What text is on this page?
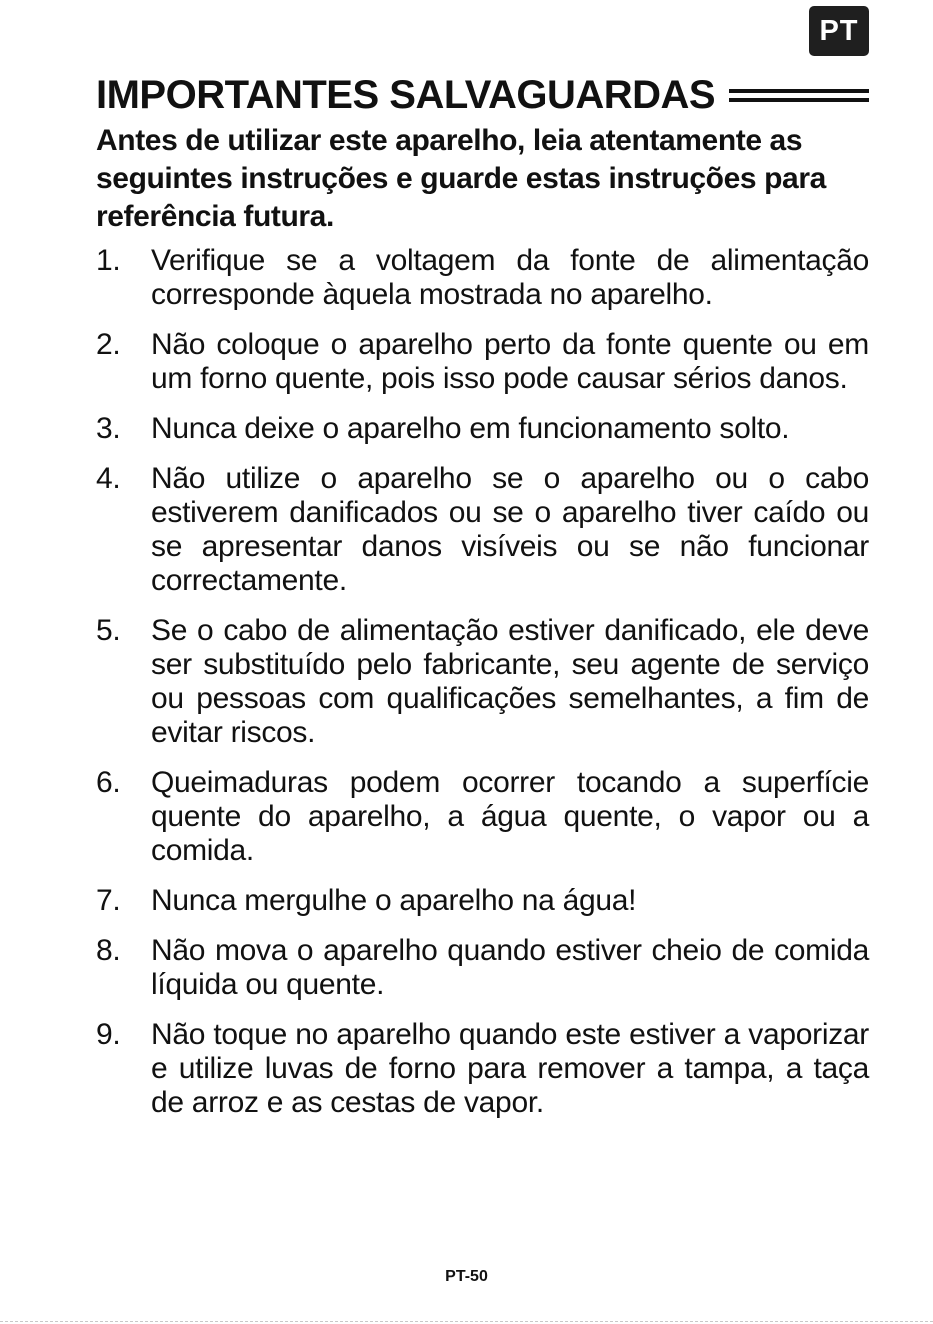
PT
IMPORTANTES SALVAGUARDAS
Antes de utilizar este aparelho, leia atentamente as seguintes instruções e guarde estas instruções para referência futura.
1. Verifique se a voltagem da fonte de alimentação corresponde àquela mostrada no aparelho.
2. Não coloque o aparelho perto da fonte quente ou em um forno quente, pois isso pode causar sérios danos.
3. Nunca deixe o aparelho em funcionamento solto.
4. Não utilize o aparelho se o aparelho ou o cabo estiverem danificados ou se o aparelho tiver caído ou se apresentar danos visíveis ou se não funcionar correctamente.
5. Se o cabo de alimentação estiver danificado, ele deve ser substituído pelo fabricante, seu agente de serviço ou pessoas com qualificações semelhantes, a fim de evitar riscos.
6. Queimaduras podem ocorrer tocando a superfície quente do aparelho, a água quente, o vapor ou a comida.
7. Nunca mergulhe o aparelho na água!
8. Não mova o aparelho quando estiver cheio de comida líquida ou quente.
9. Não toque no aparelho quando este estiver a vaporizar e utilize luvas de forno para remover a tampa, a taça de arroz e as cestas de vapor.
PT-50
